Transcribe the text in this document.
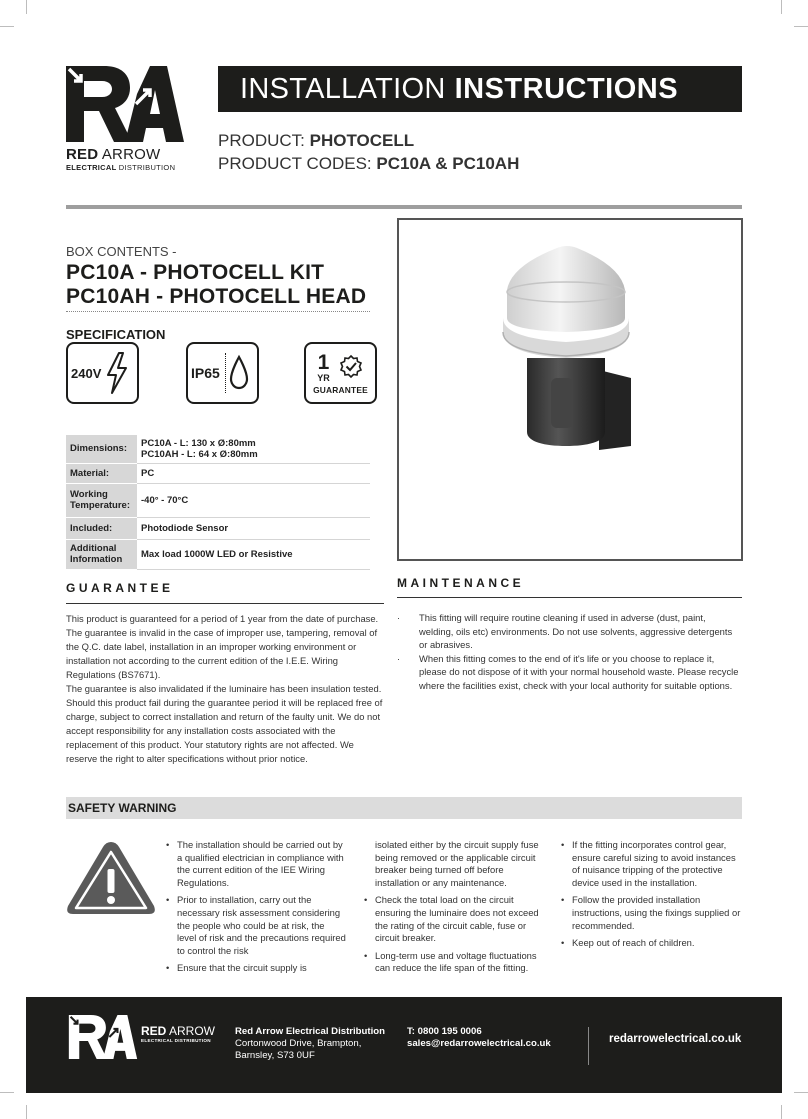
RED ARROW
ELECTRICAL DISTRIBUTION
INSTALLATION INSTRUCTIONS
PRODUCT: PHOTOCELL
PRODUCT CODES: PC10A & PC10AH
BOX CONTENTS -
PC10A - PHOTOCELL KIT
PC10AH - PHOTOCELL HEAD
SPECIFICATION
240V	IP65	1
YR
GUARANTEE
Dimensions:	PC10A - L: 130 x Ø:80mm
PC10AH - L: 64 x Ø:80mm
Material:	PC
Working
Temperature:	-40° - 70°C
Included:	Photodiode Sensor
Additional
Information	Max load 1000W LED or Resistive
GUARANTEE
This product is guaranteed for a period of 1 year from the date of purchase. The guarantee is invalid in the case of improper use, tampering, removal of the Q.C. date label, installation in an improper working environment or installation not according to the current edition of the I.E.E. Wiring Regulations (BS7671).
The guarantee is also invalidated if the luminaire has been insulation tested. Should this product fail during the guarantee period it will be replaced free of charge, subject to correct installation and return of the faulty unit. We do not accept responsibility for any installation costs associated with the replacement of this product. Your statutory rights are not affected. We reserve the right to alter specifications without prior notice.
MAINTENANCE
· This fitting will require routine cleaning if used in adverse (dust, paint, welding, oils etc) environments. Do not use solvents, aggressive detergents or abrasives.
· When this fitting comes to the end of it's life or you choose to replace it, please do not dispose of it with your normal household waste. Please recycle where the facilities exist, check with your local authority for suitable options.
SAFETY WARNING
• The installation should be carried out by a qualified electrician in compliance with the current edition of the IEE Wiring Regulations.
• Prior to installation, carry out the necessary risk assessment considering the people who could be at risk, the level of risk and the precautions required to control the risk
• Ensure that the circuit supply is
isolated either by the circuit supply fuse being removed or the applicable circuit breaker being turned off before installation or any maintenance.
• Check the total load on the circuit ensuring the luminaire does not exceed the rating of the circuit cable, fuse or circuit breaker.
• Long-term use and voltage fluctuations can reduce the life span of the fitting.
• If the fitting incorporates control gear, ensure careful sizing to avoid instances of nuisance tripping of the protective device used in the installation.
• Follow the provided installation instructions, using the fixings supplied or recommended.
• Keep out of reach of children.
RED ARROW
ELECTRICAL DISTRIBUTION
Red Arrow Electrical Distribution
Cortonwood Drive, Brampton,
Barnsley, S73 0UF
T: 0800 195 0006
sales@redarrowelectrical.co.uk	redarrowelectrical.co.uk
